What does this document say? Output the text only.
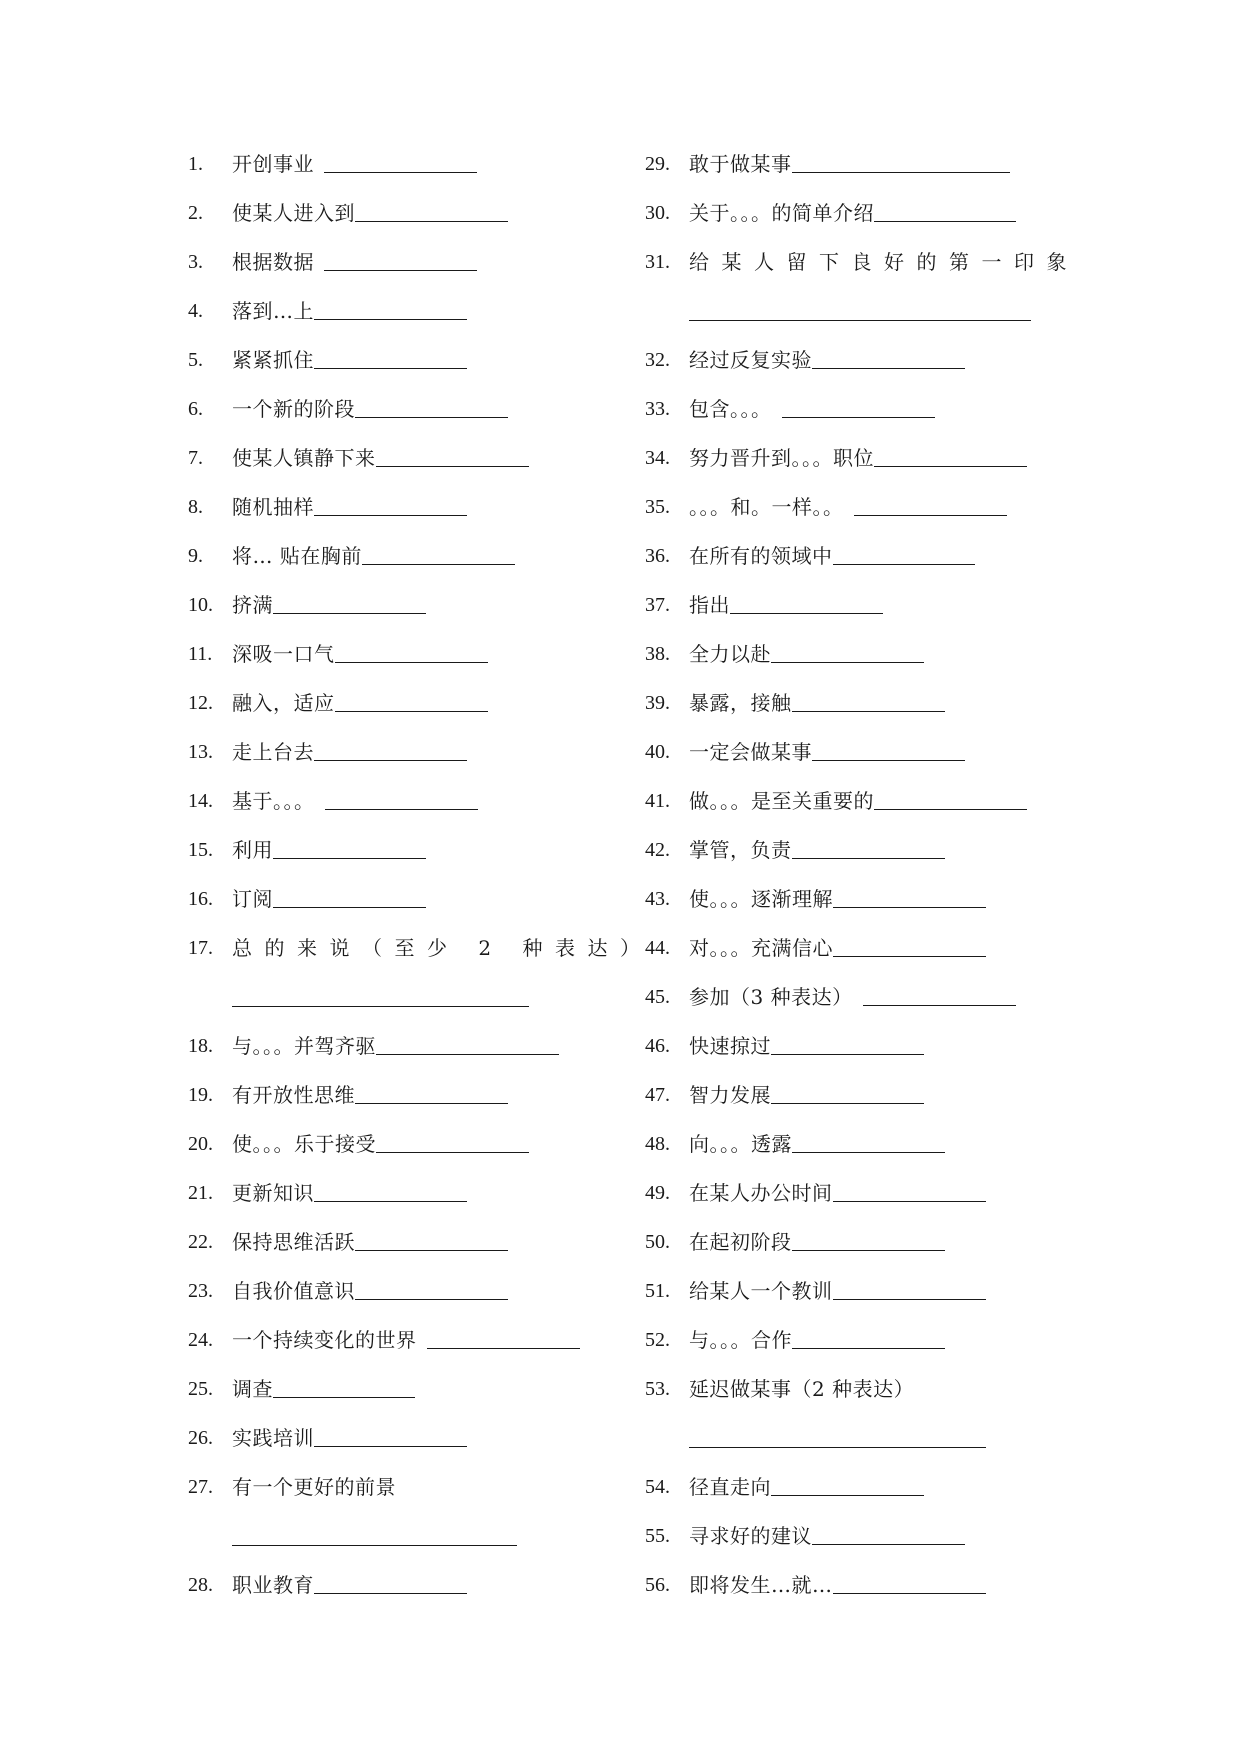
1.	开创事业
2.	使某人进入到
3.	根据数据
4.	落到…上
5.	紧紧抓住
6.	一个新的阶段
7.	使某人镇静下来
8.	随机抽样
9.	将… 贴在胸前
10. 挤满
11. 深吸一口气
12. 融入，适应
13. 走上台去
14. 基于。。。
15. 利用
16. 订阅
17. 总的来说（至少 2 种表达）
18. 与。。。并驾齐驱
19. 有开放性思维
20. 使。。。乐于接受
21. 更新知识
22. 保持思维活跃
23. 自我价值意识
24. 一个持续变化的世界
25. 调查
26. 实践培训
27. 有一个更好的前景
28. 职业教育
29. 敢于做某事
30. 关于。。。的简单介绍
31. 给某人留下良好的第一印象
32. 经过反复实验
33. 包含。。。
34. 努力晋升到。。。职位
35. 。。。和。一样。。
36. 在所有的领域中
37. 指出
38. 全力以赴
39. 暴露，接触
40. 一定会做某事
41. 做。。。是至关重要的
42. 掌管，负责
43. 使。。。逐渐理解
44. 对。。。充满信心
45. 参加（3 种表达）
46. 快速掠过
47. 智力发展
48. 向。。。透露
49. 在某人办公时间
50. 在起初阶段
51. 给某人一个教训
52. 与。。。合作
53. 延迟做某事（2 种表达）
54. 径直走向
55. 寻求好的建议
56. 即将发生…就…
